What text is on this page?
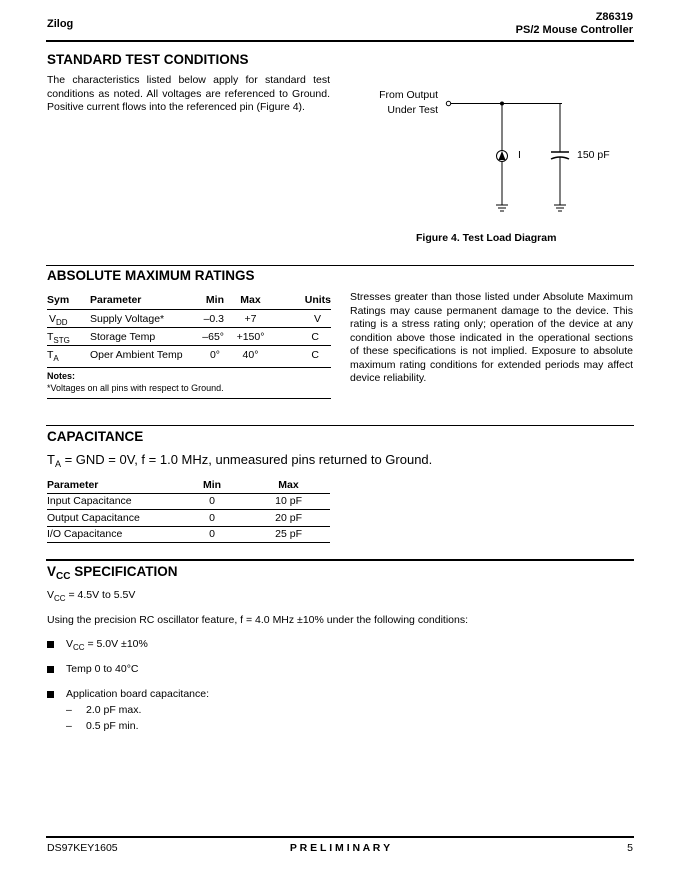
Zilog
Z86319
PS/2 Mouse Controller
STANDARD TEST CONDITIONS
The characteristics listed below apply for standard test conditions as noted. All voltages are referenced to Ground. Positive current flows into the referenced pin (Figure 4).
From Output
Under Test
I	150 pF
Figure 4. Test Load Diagram
ABSOLUTE MAXIMUM RATINGS
Sym	Parameter	Min	Max	Units
$V_{DD}$	Supply Voltage*	–0.3	+7	V
$T_{STG}$	Storage Temp	–65°	+150°	C
$T_A$	Oper Ambient Temp	0°	40°	C
Notes:
*Voltages on all pins with respect to Ground.
Stresses greater than those listed under Absolute Maximum Ratings may cause permanent damage to the device. This rating is a stress rating only; operation of the device at any condition above those indicated in the operational sections of these specifications is not implied. Exposure to absolute maximum rating conditions for extended periods may affect device reliability.
CAPACITANCE
$T_A$ = GND = 0V, f = 1.0 MHz, unmeasured pins returned to Ground.
Parameter	Min	Max
Input Capacitance	0	10 pF
Output Capacitance	0	20 pF
I/O Capacitance	0	25 pF
$V_{CC}$ SPECIFICATION
$V_{CC} = 4.5V$ to 5.5V
Using the precision RC oscillator feature, f = 4.0 MHz ±10% under the following conditions:
$V_{CC} = 5.0V \pm 10\%$
Temp 0 to 40°C
Application board capacitance:
– 2.0 pF max.
– 0.5 pF min.
DS97KEY1605	P R E L I M I N A R Y	5
